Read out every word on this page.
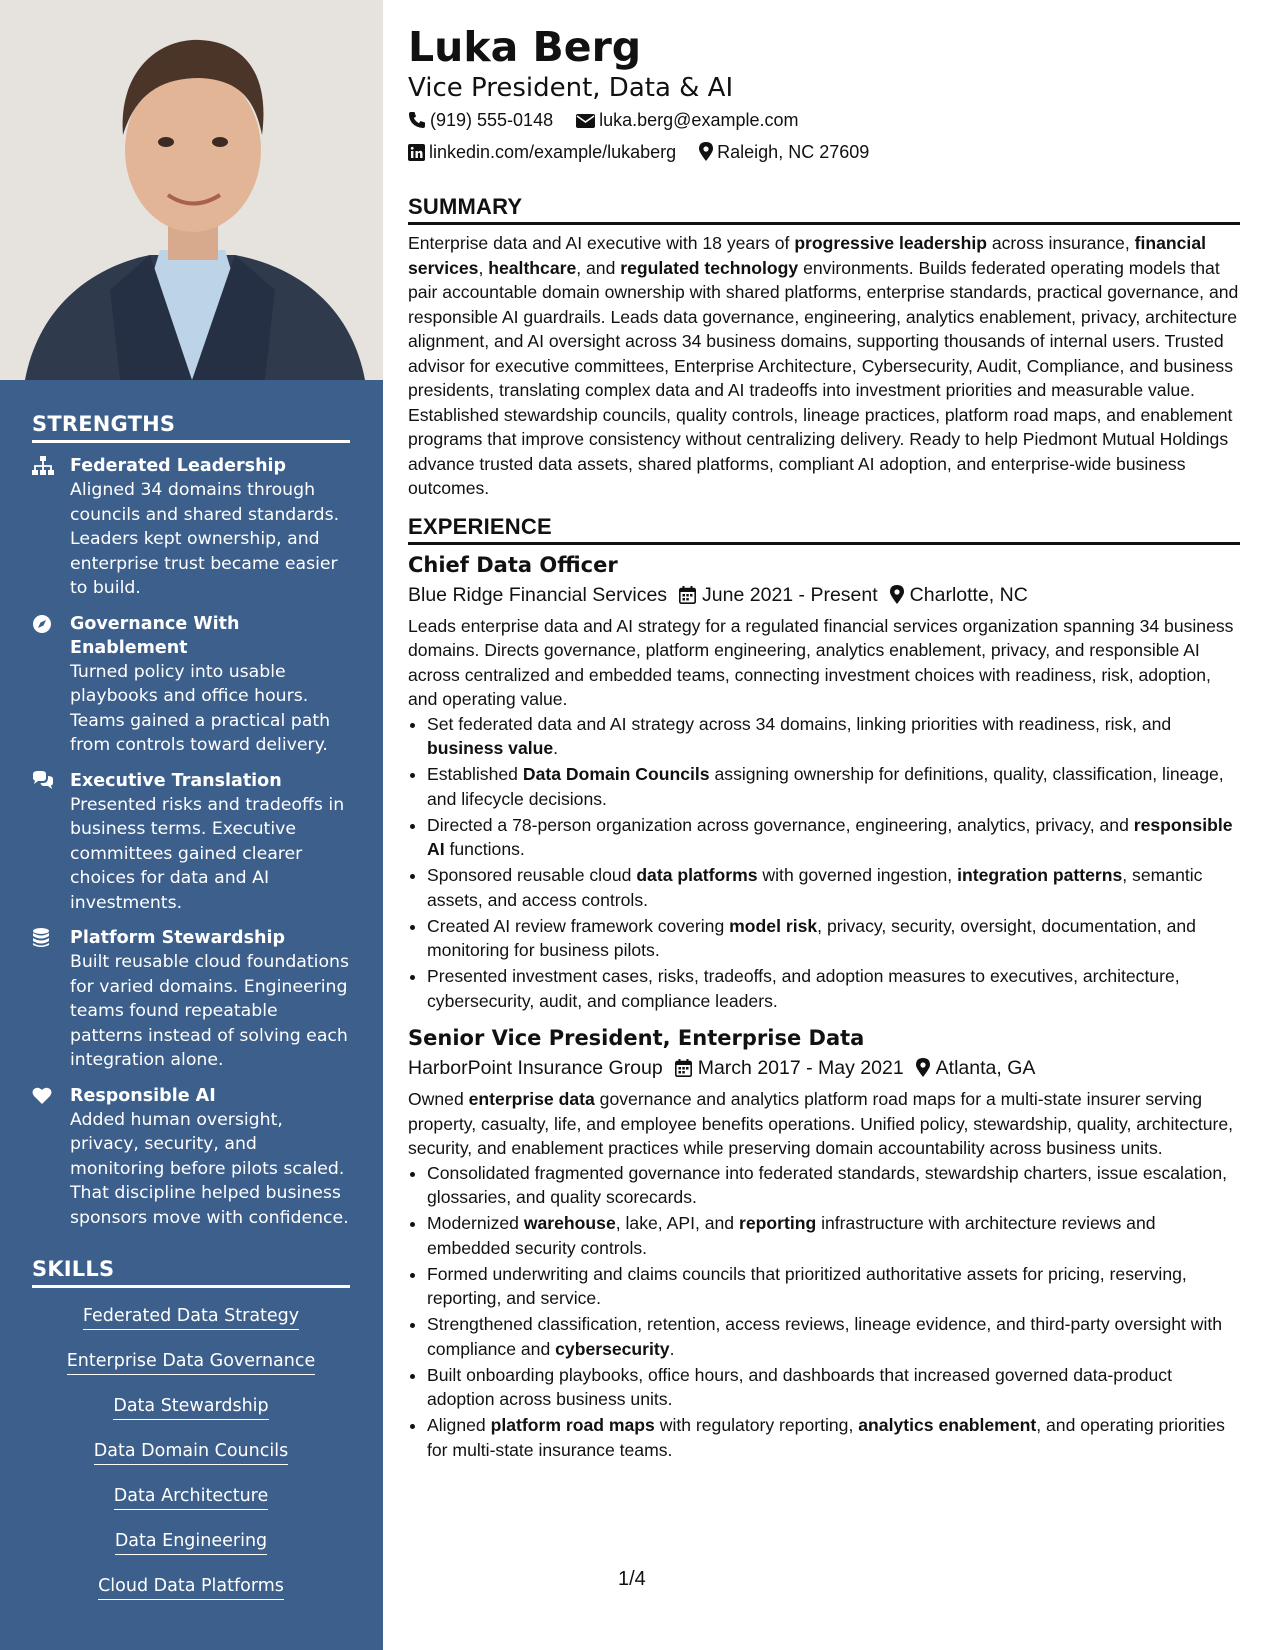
STRENGTHS
Federated Leadership
Aligned 34 domains through councils and shared standards. Leaders kept ownership, and enterprise trust became easier to build.
Governance With Enablement
Turned policy into usable playbooks and office hours. Teams gained a practical path from controls toward delivery.
Executive Translation
Presented risks and tradeoffs in business terms. Executive committees gained clearer choices for data and AI investments.
Platform Stewardship
Built reusable cloud foundations for varied domains. Engineering teams found repeatable patterns instead of solving each integration alone.
Responsible AI
Added human oversight, privacy, security, and monitoring before pilots scaled. That discipline helped business sponsors move with confidence.
SKILLS
Federated Data Strategy
Enterprise Data Governance
Data Stewardship
Data Domain Councils
Data ArchitectureData Engineering
Cloud Data Platforms
Luka Berg
Vice President, Data & AI
(919) 555-0148	luka.berg@example.com
linkedin.com/example/lukaberg Raleigh, NC 27609
SUMMARY

Enterprise data and AI executive with 18 years of progressive leadership across insurance, financial services, healthcare, and regulated technology environments. Builds federated operating models that pair accountable domain ownership with shared platforms, enterprise standards, practical governance, and responsible AI guardrails. Leads data governance, engineering, analytics enablement, privacy, architecture alignment, and AI oversight across 34 business domains, supporting thousands of internal users. Trusted advisor for executive committees, Enterprise Architecture, Cybersecurity, Audit, Compliance, and business presidents, translating complex data and AI tradeoffs into investment priorities and measurable value. Established stewardship councils, quality controls, lineage practices, platform road maps, and enablement programs that improve consistency without centralizing delivery. Ready to help Piedmont Mutual Holdings advance trusted data assets, shared platforms, compliant AI adoption, and enterprise-wide business outcomes.

EXPERIENCE
Chief Data Officer
Blue Ridge Financial Services June 2021 - Present Charlotte, NC

Leads enterprise data and AI strategy for a regulated financial services organization spanning 34 business domains. Directs governance, platform engineering, analytics enablement, privacy, and responsible AI across centralized and embedded teams, connecting investment choices with readiness, risk, adoption, and operating value.

• Set federated data and AI strategy across 34 domains, linking priorities with readiness, risk, and business value.
• Established Data Domain Councils assigning ownership for definitions, quality, classification, lineage, and lifecycle decisions.
• Directed a 78-person organization across governance, engineering, analytics, privacy, and responsible AI functions.
• Sponsored reusable cloud data platforms with governed ingestion, integration patterns, semantic assets, and access controls.
• Created AI review framework covering model risk, privacy, security, oversight, documentation, and monitoring for business pilots.
• Presented investment cases, risks, tradeoffs, and adoption measures to executives, architecture, cybersecurity, audit, and compliance leaders.
Senior Vice President, Enterprise Data
HarborPoint Insurance Group March 2017 - May 2021 Atlanta, GA

Owned enterprise data governance and analytics platform road maps for a multi-state insurer serving property, casualty, life, and employee benefits operations. Unified policy, stewardship, quality, architecture, security, and enablement practices while preserving domain accountability across business units.

• Consolidated fragmented governance into federated standards, stewardship charters, issue escalation, glossaries, and quality scorecards.
• Modernized warehouse, lake, API, and reporting infrastructure with architecture reviews and embedded security controls.
• Formed underwriting and claims councils that prioritized authoritative assets for pricing, reserving, reporting, and service.
• Strengthened classification, retention, access reviews, lineage evidence, and third-party oversight with compliance and cybersecurity.
• Built onboarding playbooks, office hours, and dashboards that increased governed data-product adoption across business units.
• Aligned platform road maps with regulatory reporting, analytics enablement, and operating priorities for multi-state insurance teams.
1/4
